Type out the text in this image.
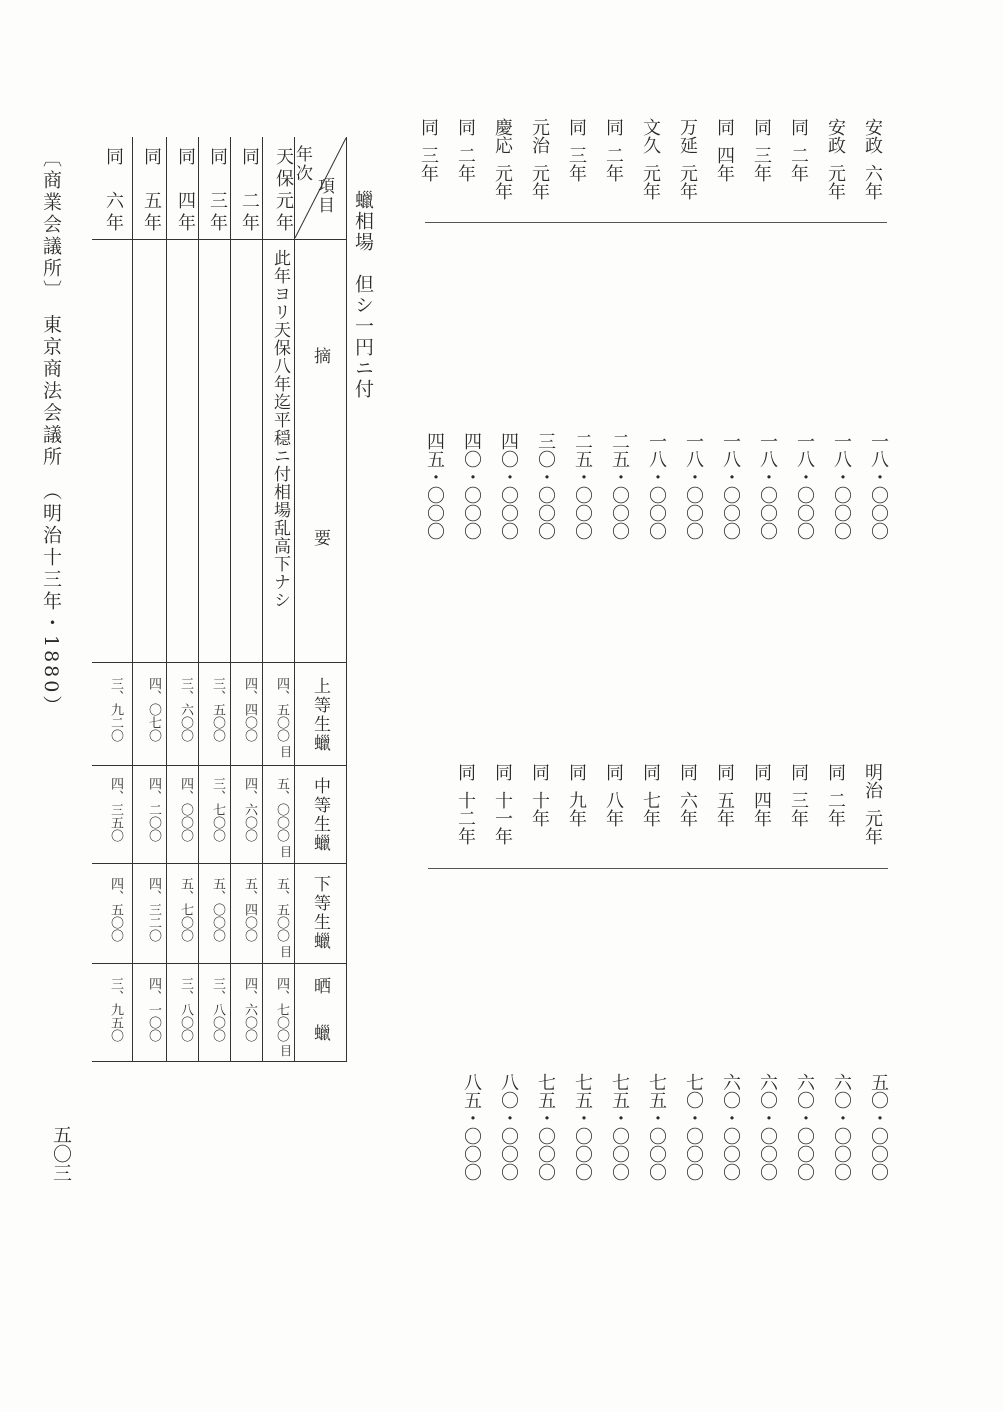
〔商業会議所〕　東京商法会議所　（明治十三年・1880）
五〇三
蠟相場　但シ一円ニ付
項目
年次
摘
要
上等生蠟
中等生蠟
下等生蠟
晒蠟
目
目
目
目
天保元年
此年ヨリ天保八年迄平穏ニ付相場乱高下ナシ
四、五〇〇
五、〇〇〇
五、五〇〇
四、七〇〇
同　二年
四、四〇〇
四、六〇〇
五、四〇〇
四、六〇〇
同　三年
三、五〇〇
三、七〇〇
五、〇〇〇
三、八〇〇
同　四年
三、六〇〇
四、〇〇〇
五、七〇〇
三、八〇〇
同　五年
四、〇七〇
四、二〇〇
四、三二〇
四、一〇〇
同　六年
三、九二〇
四、三五〇
四、五〇〇
三、九五〇
安政
六年
一八・〇〇〇
安政
元年
一八・〇〇〇
同
二年
一八・〇〇〇
同
三年
一八・〇〇〇
同
四年
一八・〇〇〇
万延
元年
一八・〇〇〇
文久
元年
一八・〇〇〇
同
二年
二五・〇〇〇
同
三年
二五・〇〇〇
元治
元年
三〇・〇〇〇
慶応
元年
四〇・〇〇〇
同
二年
四〇・〇〇〇
同
三年
四五・〇〇〇
明治
元年
五〇・〇〇〇
同
二年
六〇・〇〇〇
同
三年
六〇・〇〇〇
同
四年
六〇・〇〇〇
同
五年
六〇・〇〇〇
同
六年
七〇・〇〇〇
同
七年
七五・〇〇〇
同
八年
七五・〇〇〇
同
九年
七五・〇〇〇
同
十年
七五・〇〇〇
同
十一年
八〇・〇〇〇
同
十二年
八五・〇〇〇
